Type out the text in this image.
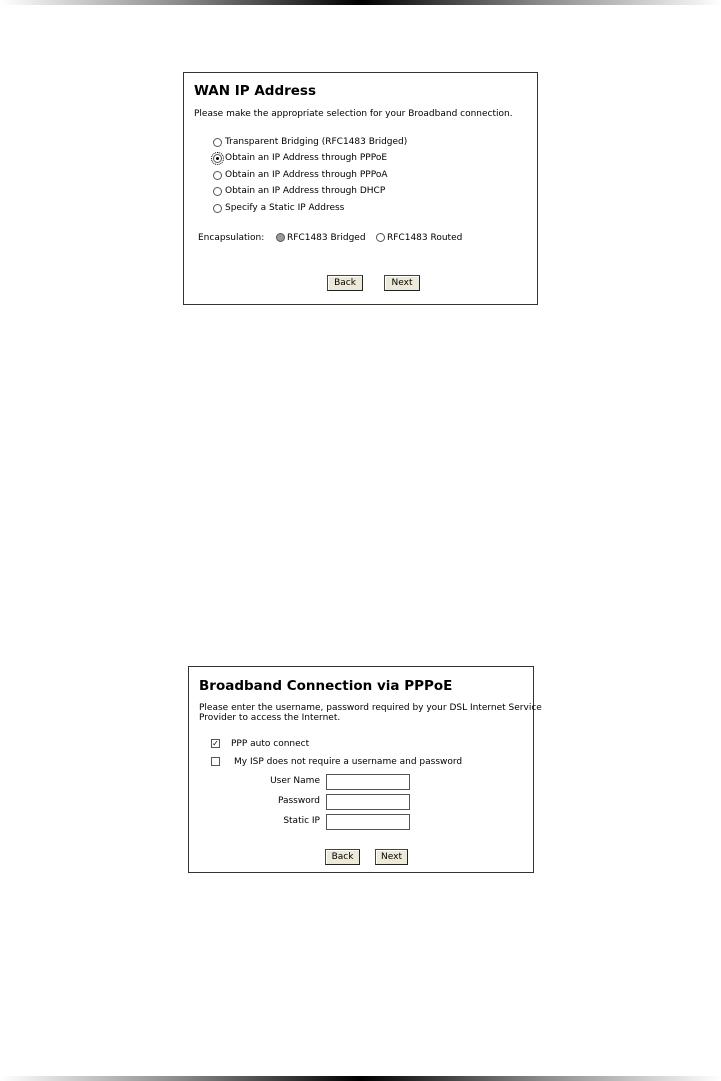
WAN IP Address
Please make the appropriate selection for your Broadband connection.
Transparent Bridging (RFC1483 Bridged)
Obtain an IP Address through PPPoE
Obtain an IP Address through PPPoA
Obtain an IP Address through DHCP
Specify a Static IP Address
Encapsulation:	RFC1483 Bridged RFC1483 Routed
Back	Next
Broadband Connection via PPPoE
Please enter the username, password required by your DSL Internet Service
Provider to access the Internet.
✓ PPP auto connect
My ISP does not require a username and password
User Name
Password
Static IP
Back	Next
